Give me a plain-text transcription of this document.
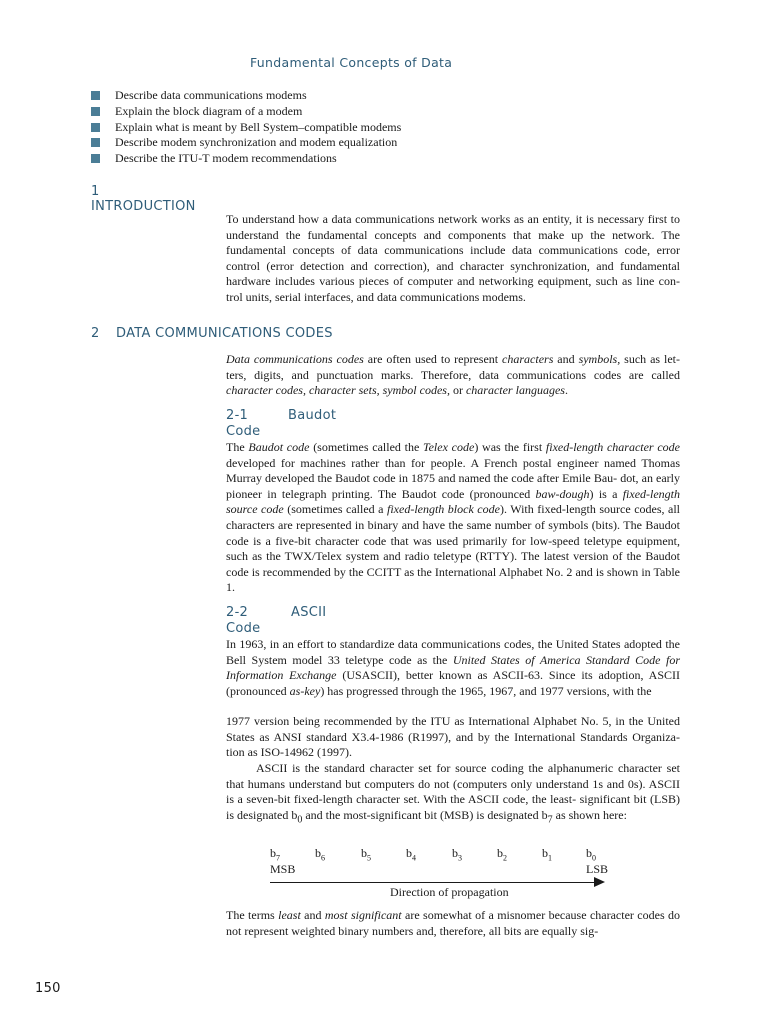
Fundamental Concepts of Data
Describe data communications modems
Explain the block diagram of a modem
Explain what is meant by Bell System–compatible modems
Describe modem synchronization and modem equalization
Describe the ITU-T modem recommendations
1
INTRODUCTION

To understand how a data communications network works as an entity, it is necessary first to understand the fundamental concepts and components that make up the network. The fundamental concepts of data communications include data communications code, error control (error detection and correction), and character synchronization, and fundamental hardware includes various pieces of computer and networking equipment, such as line con- trol units, serial interfaces, and data communications modems.

2 DATA COMMUNICATIONS CODES

Data communications codes are often used to represent characters and symbols, such as let- ters, digits, and punctuation marks. Therefore, data communications codes are called character codes, character sets, symbol codes, or character languages.

2-1	Baudot
Code

The Baudot code (sometimes called the Telex code) was the first fixed-length character code developed for machines rather than for people. A French postal engineer named Thomas Murray developed the Baudot code in 1875 and named the code after Emile Bau- dot, an early pioneer in telegraph printing. The Baudot code (pronounced baw-dough) is a fixed-length source code (sometimes called a fixed-length block code). With fixed-length source codes, all characters are represented in binary and have the same number of symbols (bits). The Baudot code is a five-bit character code that was used primarily for low-speed teletype equipment, such as the TWX/Telex system and radio teletype (RTTY). The latest version of the Baudot code is recommended by the CCITT as the International Alphabet No. 2 and is shown in Table 1.

2-2	ASCII
Code

In 1963, in an effort to standardize data communications codes, the United States adopted the Bell System model 33 teletype code as the United States of America Standard Code for Information Exchange (USASCII), better known as ASCII-63. Since its adoption, ASCII (pronounced as-key) has progressed through the 1965, 1967, and 1977 versions, with the

1977 version being recommended by the ITU as International Alphabet No. 5, in the United States as ANSI standard X3.4-1986 (R1997), and by the International Standards Organiza- tion as ISO-14962 (1997).

ASCII is the standard character set for source coding the alphanumeric character set that humans understand but computers do not (computers only understand 1s and 0s). ASCII is a seven-bit fixed-length character set. With the ASCII code, the least- significant bit (LSB) is designated $b_0$ and the most-significant bit (MSB) is designated $b_7$ as shown here:

$b_7$	$b_6$	$b_5$	$b_4$	$b_3$	$b_2$	$b_1$	$b_0$
MSB	LSB
Direction of propagation

The terms least and most significant are somewhat of a misnomer because character codes do not represent weighted binary numbers and, therefore, all bits are equally sig-

150
